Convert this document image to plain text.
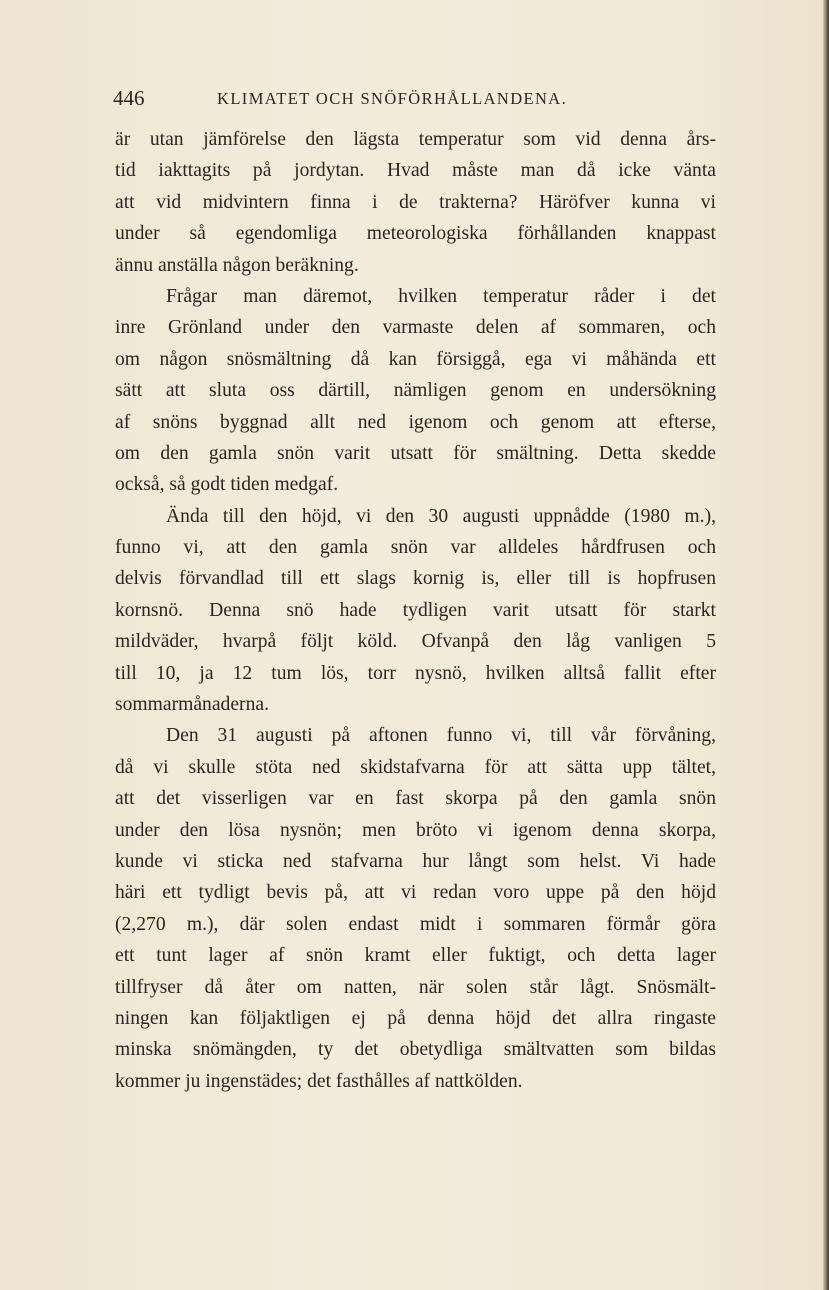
446	KLIMATET OCH SNÖFÖRHÅLLANDENA.
är utan jämförelse den lägsta temperatur som vid denna års-
tid iakttagits på jordytan. Hvad måste man då icke vänta
att vid midvintern finna i de trakterna? Häröfver kunna vi
under så egendomliga meteorologiska förhållanden knappast
ännu anställa någon beräkning.
Frågar man däremot, hvilken temperatur råder i det
inre Grönland under den varmaste delen af sommaren, och
om någon snösmältning då kan försiggå, ega vi måhända ett
sätt att sluta oss därtill, nämligen genom en undersökning
af snöns byggnad allt ned igenom och genom att efterse,
om den gamla snön varit utsatt för smältning. Detta skedde
också, så godt tiden medgaf.
Ända till den höjd, vi den 30 augusti uppnådde (1980 m.),
funno vi, att den gamla snön var alldeles hårdfrusen och
delvis förvandlad till ett slags kornig is, eller till is hopfrusen
kornsnö. Denna snö hade tydligen varit utsatt för starkt
mildväder, hvarpå följt köld. Ofvanpå den låg vanligen 5
till 10, ja 12 tum lös, torr nysnö, hvilken alltså fallit efter
sommarmånaderna.
Den 31 augusti på aftonen funno vi, till vår förvåning,
då vi skulle stöta ned skidstafvarna för att sätta upp tältet,
att det visserligen var en fast skorpa på den gamla snön
under den lösa nysnön; men bröto vi igenom denna skorpa,
kunde vi sticka ned stafvarna hur långt som helst. Vi hade
häri ett tydligt bevis på, att vi redan voro uppe på den höjd
(2,270 m.), där solen endast midt i sommaren förmår göra
ett tunt lager af snön kramt eller fuktigt, och detta lager
tillfryser då åter om natten, när solen står lågt. Snösmält-
ningen kan följaktligen ej på denna höjd det allra ringaste
minska snömängden, ty det obetydliga smältvatten som bildas
kommer ju ingenstädes; det fasthålles af nattkölden.
